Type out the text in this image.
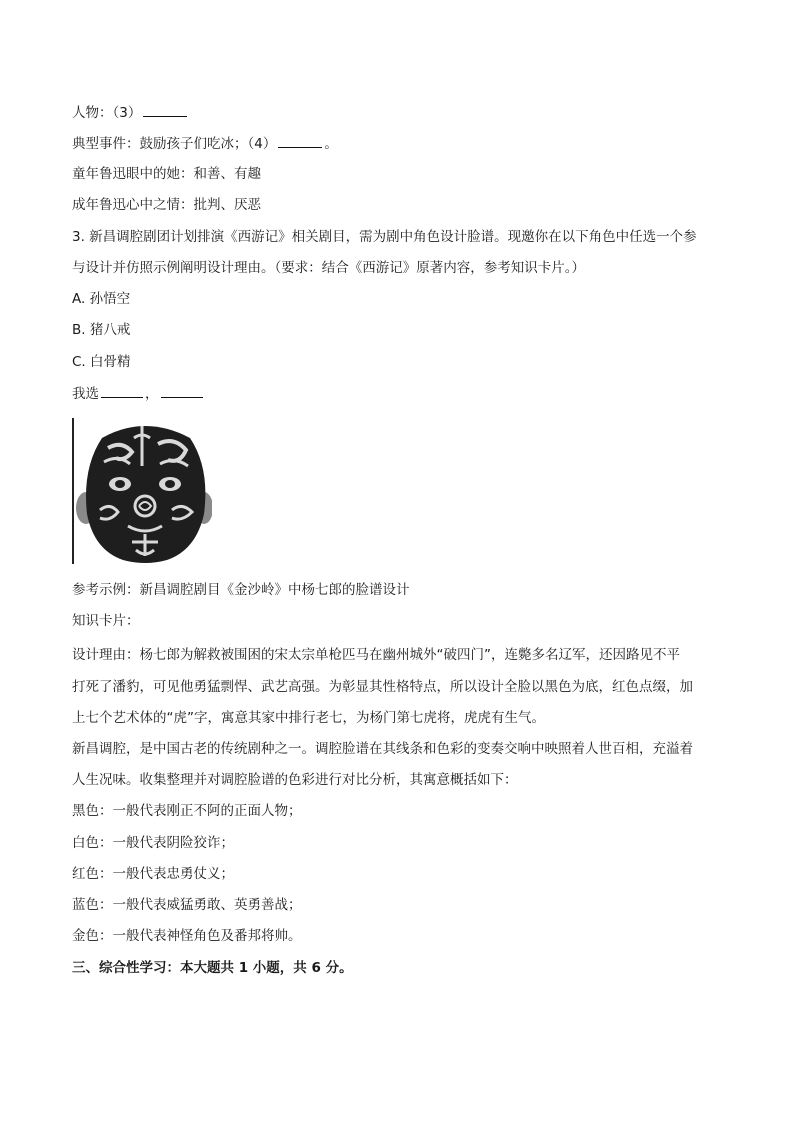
人物：（3）
典型事件：鼓励孩子们吃冰；（4）	。
童年鲁迅眼中的她：和善、有趣
成年鲁迅心中之情：批判、厌恶
3. 新昌调腔剧团计划排演《西游记》相关剧目，需为剧中角色设计脸谱。现邀你在以下角色中任选一个参
与设计并仿照示例阐明设计理由。（要求：结合《西游记》原著内容，参考知识卡片。）
A. 孙悟空
B. 猪八戒
C. 白骨精
我选	，
参考示例：新昌调腔剧目《金沙岭》中杨七郎的脸谱设计
知识卡片：
设计理由：杨七郎为解救被围困的宋太宗单枪匹马在幽州城外“破四门”，连斃多名辽军，还因路见不平
打死了潘豹，可见他勇猛剽悍、武艺高强。为彰显其性格特点，所以设计全脸以黑色为底，红色点缀，加
上七个艺术体的“虎”字，寓意其家中排行老七，为杨门第七虎将，虎虎有生气。
新昌调腔，是中国古老的传统剧种之一。调腔脸谱在其线条和色彩的变奏交响中映照着人世百相，充溢着
人生况味。收集整理并对调腔脸谱的色彩进行对比分析，其寓意概括如下：
黑色：一般代表刚正不阿的正面人物；
白色：一般代表阴险狡诈；
红色：一般代表忠勇仗义；
蓝色：一般代表威猛勇敢、英勇善战；
金色：一般代表神怪角色及番邦将帅。
三、综合性学习：本大题共 1 小题，共 6 分。
